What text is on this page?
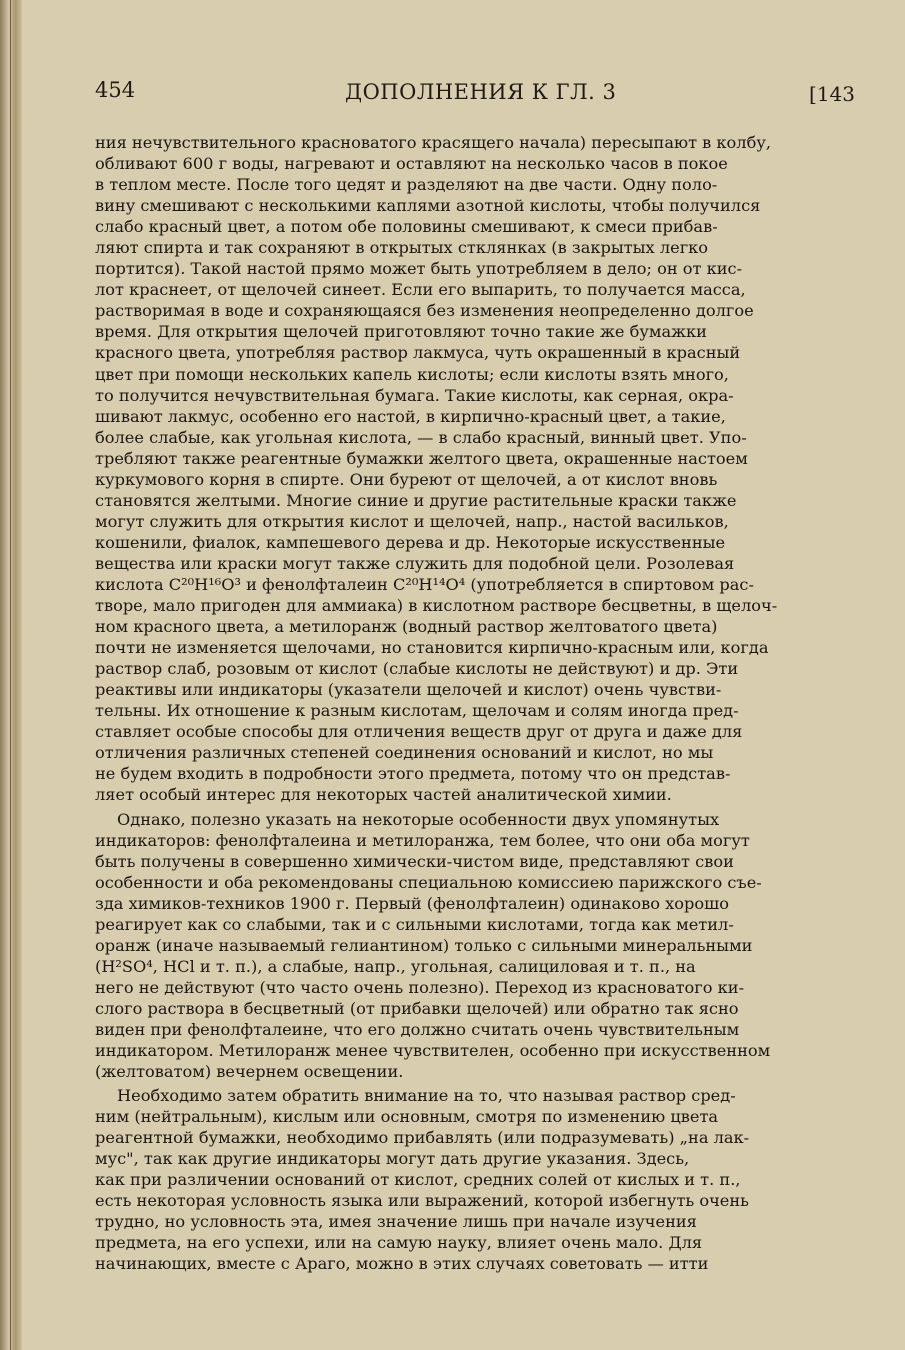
454	ДОПОЛНЕНИЯ К ГЛ. 3	[143
ния нечувствительного красноватого красящего начала) пересыпают в колбу,
обливают 600 г воды, нагревают и оставляют на несколько часов в покое
в теплом месте. После того цедят и разделяют на две части. Одну поло-
вину смешивают с несколькими каплями азотной кислоты, чтобы получился
слабо красный цвет, а потом обе половины смешивают, к смеси прибав-
ляют спирта и так сохраняют в открытых стклянках (в закрытых легко
портится). Такой настой прямо может быть употребляем в дело; он от кис-
лот краснеет, от щелочей синеет. Если его выпарить, то получается масса,
растворимая в воде и сохраняющаяся без изменения неопределенно долгое
время. Для открытия щелочей приготовляют точно такие же бумажки
красного цвета, употребляя раствор лакмуса, чуть окрашенный в красный
цвет при помощи нескольких капель кислоты; если кислоты взять много,
то получится нечувствительная бумага. Такие кислоты, как серная, окра-
шивают лакмус, особенно его настой, в кирпично-красный цвет, а такие,
более слабые, как угольная кислота, — в слабо красный, винный цвет. Упо-
требляют также реагентные бумажки желтого цвета, окрашенные настоем
куркумового корня в спирте. Они буреют от щелочей, а от кислот вновь
становятся желтыми. Многие синие и другие растительные краски также
могут служить для открытия кислот и щелочей, напр., настой васильков,
кошенили, фиалок, кампешевого дерева и др. Некоторые искусственные
вещества или краски могут также служить для подобной цели. Розолевая
кислота C²⁰H¹⁶O³ и фенолфталеин C²⁰H¹⁴O⁴ (употребляется в спиртовом рас-
творе, мало пригоден для аммиака) в кислотном растворе бесцветны, в щелоч-
ном красного цвета, а метилоранж (водный раствор желтоватого цвета)
почти не изменяется щелочами, но становится кирпично-красным или, когда
раствор слаб, розовым от кислот (слабые кислоты не действуют) и др. Эти
реактивы или индикаторы (указатели щелочей и кислот) очень чувстви-
тельны. Их отношение к разным кислотам, щелочам и солям иногда пред-
ставляет особые способы для отличения веществ друг от друга и даже для
отличения различных степеней соединения оснований и кислот, но мы
не будем входить в подробности этого предмета, потому что он представ-
ляет особый интерес для некоторых частей аналитической химии.
Однако, полезно указать на некоторые особенности двух упомянутых
индикаторов: фенолфталеина и метилоранжа, тем более, что они оба могут
быть получены в совершенно химически-чистом виде, представляют свои
особенности и оба рекомендованы специальною комиссиею парижского съе-
зда химиков-техников 1900 г. Первый (фенолфталеин) одинаково хорошо
реагирует как со слабыми, так и с сильными кислотами, тогда как метил-
оранж (иначе называемый гелиантином) только с сильными минеральными
(H²SO⁴, HCl и т. п.), а слабые, напр., угольная, салициловая и т. п., на
него не действуют (что часто очень полезно). Переход из красноватого ки-
слого раствора в бесцветный (от прибавки щелочей) или обратно так ясно
виден при фенолфталеине, что его должно считать очень чувствительным
индикатором. Метилоранж менее чувствителен, особенно при искусственном
(желтоватом) вечернем освещении.
Необходимо затем обратить внимание на то, что называя раствор сред-
ним (нейтральным), кислым или основным, смотря по изменению цвета
реагентной бумажки, необходимо прибавлять (или подразумевать) „на лак-
мус", так как другие индикаторы могут дать другие указания. Здесь,
как при различении оснований от кислот, средних солей от кислых и т. п.,
есть некоторая условность языка или выражений, которой избегнуть очень
трудно, но условность эта, имея значение лишь при начале изучения
предмета, на его успехи, или на самую науку, влияет очень мало. Для
начинающих, вместе с Араго, можно в этих случаях советовать — итти
